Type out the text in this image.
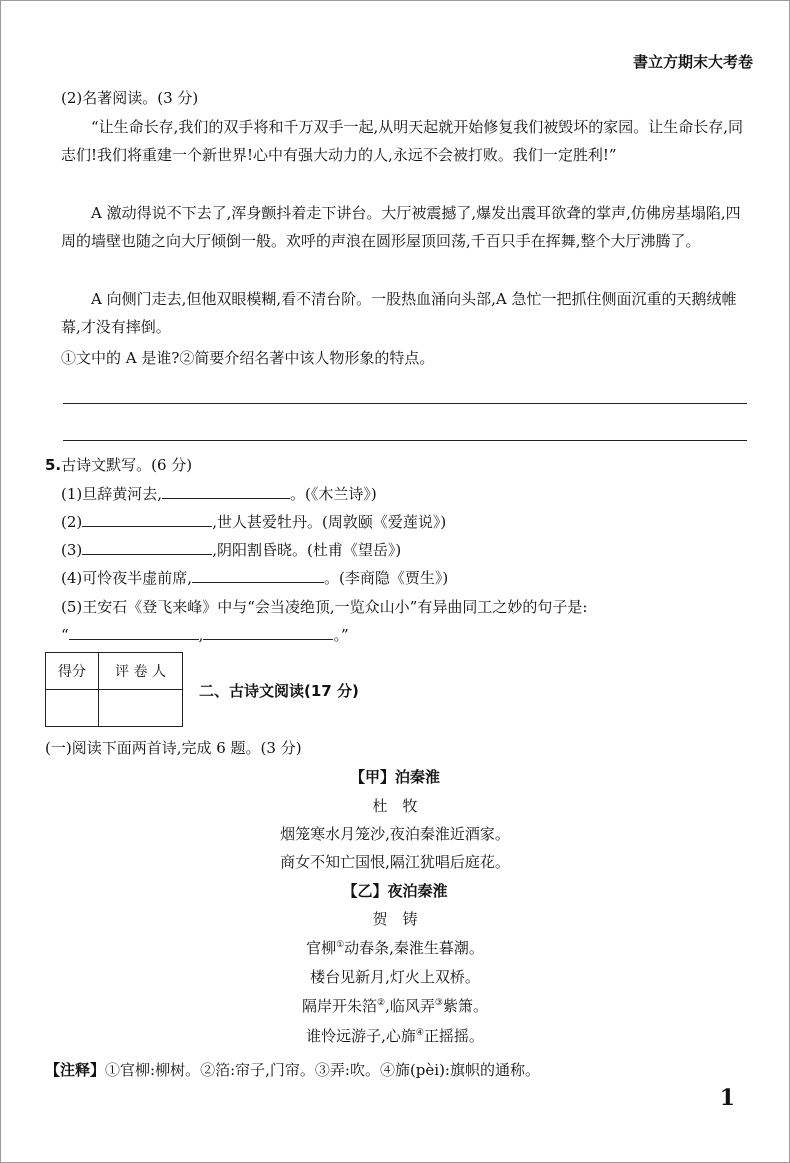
書立方期末大考卷
(2)名著阅读。(3 分)
“让生命长存,我们的双手将和千万双手一起,从明天起就开始修复我们被毁坏的家园。让生命长存,同志们!我们将重建一个新世界!心中有强大动力的人,永远不会被打败。我们一定胜利!”
A 激动得说不下去了,浑身颤抖着走下讲台。大厅被震撼了,爆发出震耳欲聋的掌声,仿佛房基塌陷,四周的墙壁也随之向大厅倾倒一般。欢呼的声浪在圆形屋顶回荡,千百只手在挥舞,整个大厅沸腾了。
A 向侧门走去,但他双眼模糊,看不清台阶。一股热血涌向头部,A 急忙一把抓住侧面沉重的天鹅绒帷幕,才没有摔倒。
①文中的 A 是谁?②简要介绍名著中该人物形象的特点。
5.古诗文默写。(6 分)
(1)旦辞黄河去,	。(《木兰诗》)
(2)	,世人甚爱牡丹。(周敦颐《爱莲说》)
(3)	,阴阳割昏晓。(杜甫《望岳》)
(4)可怜夜半虚前席,	。(李商隐《贾生》)
(5)王安石《登飞来峰》中与“会当凌绝顶,一览众山小”有异曲同工之妙的句子是:
“	,	。”
得分	评 卷 人

二、古诗文阅读(17 分)
(一)阅读下面两首诗,完成 6 题。(3 分)
【甲】泊秦淮
杜　牧
烟笼寒水月笼沙,夜泊秦淮近酒家。
商女不知亡国恨,隔江犹唱后庭花。
【乙】夜泊秦淮
贺　铸
官柳①动春条,秦淮生暮潮。
楼台见新月,灯火上双桥。
隔岸开朱箔②,临风弄③紫箫。
谁怜远游子,心旆④正摇摇。
【注释】①官柳:柳树。②箔:帘子,门帘。③弄:吹。④旆(pèi):旗帜的通称。
1
